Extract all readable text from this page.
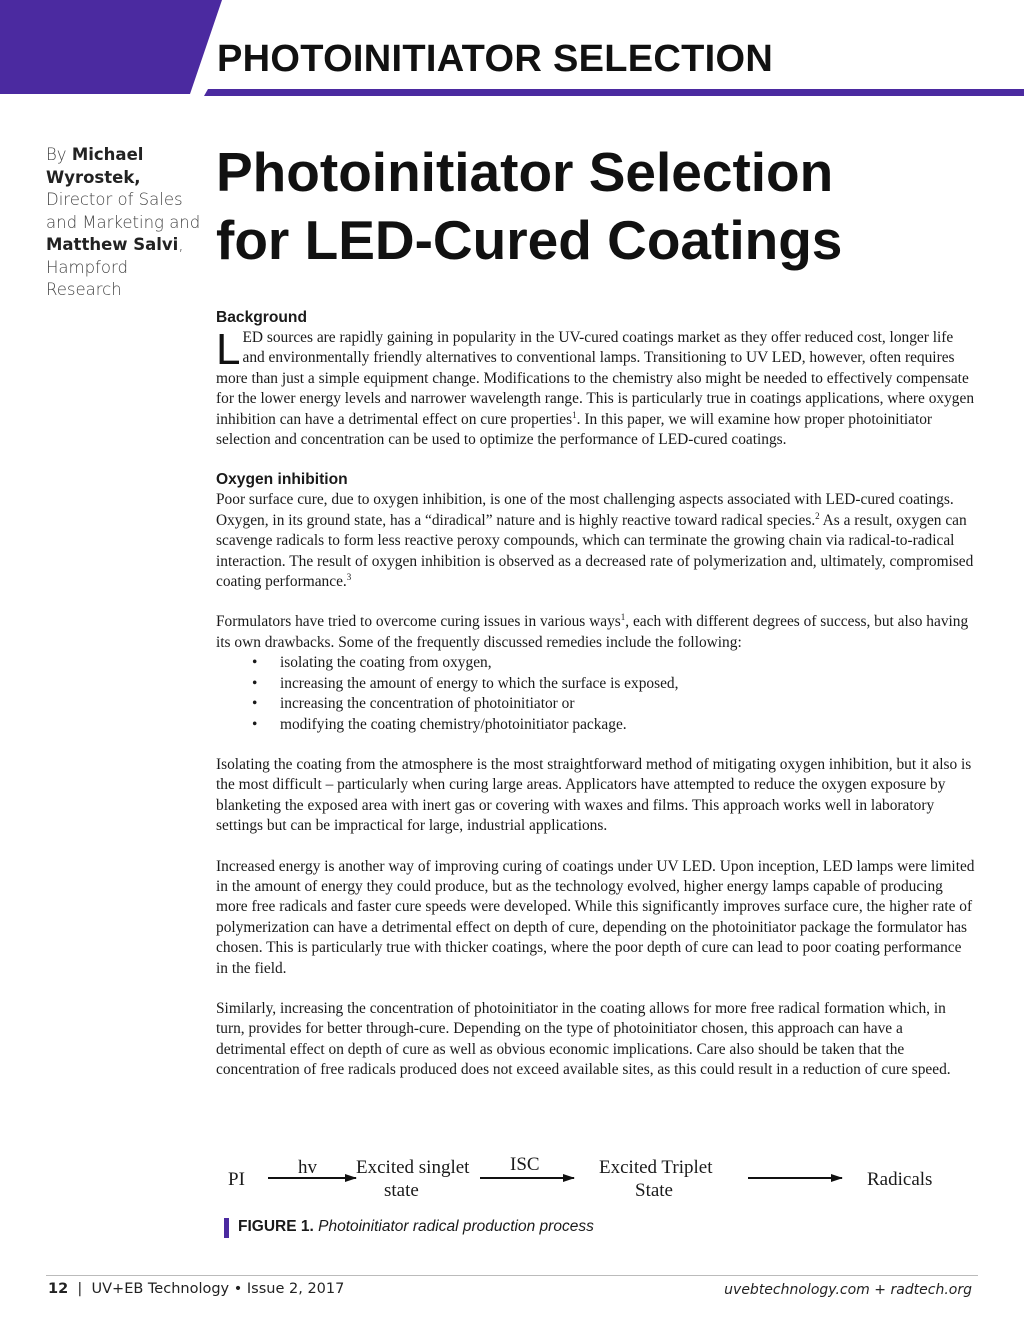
PHOTOINITIATOR SELECTION
By Michael Wyrostek, Director of Sales and Marketing and Matthew Salvi, Hampford Research
Photoinitiator Selection
for LED-Cured Coatings
Background

LED sources are rapidly gaining in popularity in the UV-cured coatings market as they offer reduced cost, longer life and environmentally friendly alternatives to conventional lamps. Transitioning to UV LED, however, often requires more than just a simple equipment change. Modifications to the chemistry also might be needed to effectively compensate for the lower energy levels and narrower wavelength range. This is particularly true in coatings applications, where oxygen inhibition can have a detrimental effect on cure properties$^1$. In this paper, we will examine how proper photoinitiator selection and concentration can be used to optimize the performance of LED-cured coatings.

Oxygen inhibition

Poor surface cure, due to oxygen inhibition, is one of the most challenging aspects associated with LED-cured coatings. Oxygen, in its ground state, has a “diradical” nature and is highly reactive toward radical species.$^2$ As a result, oxygen can scavenge radicals to form less reactive peroxy compounds, which can terminate the growing chain via radical-to-radical interaction. The result of oxygen inhibition is observed as a decreased rate of polymerization and, ultimately, compromised coating performance.$^3$

Formulators have tried to overcome curing issues in various ways$^1$, each with different degrees of success, but also having its own drawbacks. Some of the frequently discussed remedies include the following:

• isolating the coating from oxygen,
• increasing the amount of energy to which the surface is exposed,
• increasing the concentration of photoinitiator or
• modifying the coating chemistry/photoinitiator package.

Isolating the coating from the atmosphere is the most straightforward method of mitigating oxygen inhibition, but it also is the most difficult – particularly when curing large areas. Applicators have attempted to reduce the oxygen exposure by blanketing the exposed area with inert gas or covering with waxes and films. This approach works well in laboratory settings but can be impractical for large, industrial applications.

Increased energy is another way of improving curing of coatings under UV LED. Upon inception, LED lamps were limited in the amount of energy they could produce, but as the technology evolved, higher energy lamps capable of producing more free radicals and faster cure speeds were developed. While this significantly improves surface cure, the higher rate of polymerization can have a detrimental effect on depth of cure, depending on the photoinitiator package the formulator has chosen. This is particularly true with thicker coatings, where the poor depth of cure can lead to poor coating performance in the field.

Similarly, increasing the concentration of photoinitiator in the coating allows for more free radical formation which, in turn, provides for better through-cure. Depending on the type of photoinitiator chosen, this approach can have a detrimental effect on depth of cure as well as obvious economic implications. Care also should be taken that the concentration of free radicals produced does not exceed available sites, as this could result in a reduction of cure speed.

PI
hv Excited singlet
state
ISC	Excited Triplet
State
Radicals
FIGURE 1. Photoinitiator radical production process
12 | UV+EB Technology • Issue 2, 2017	uvebtechnology.com + radtech.org
